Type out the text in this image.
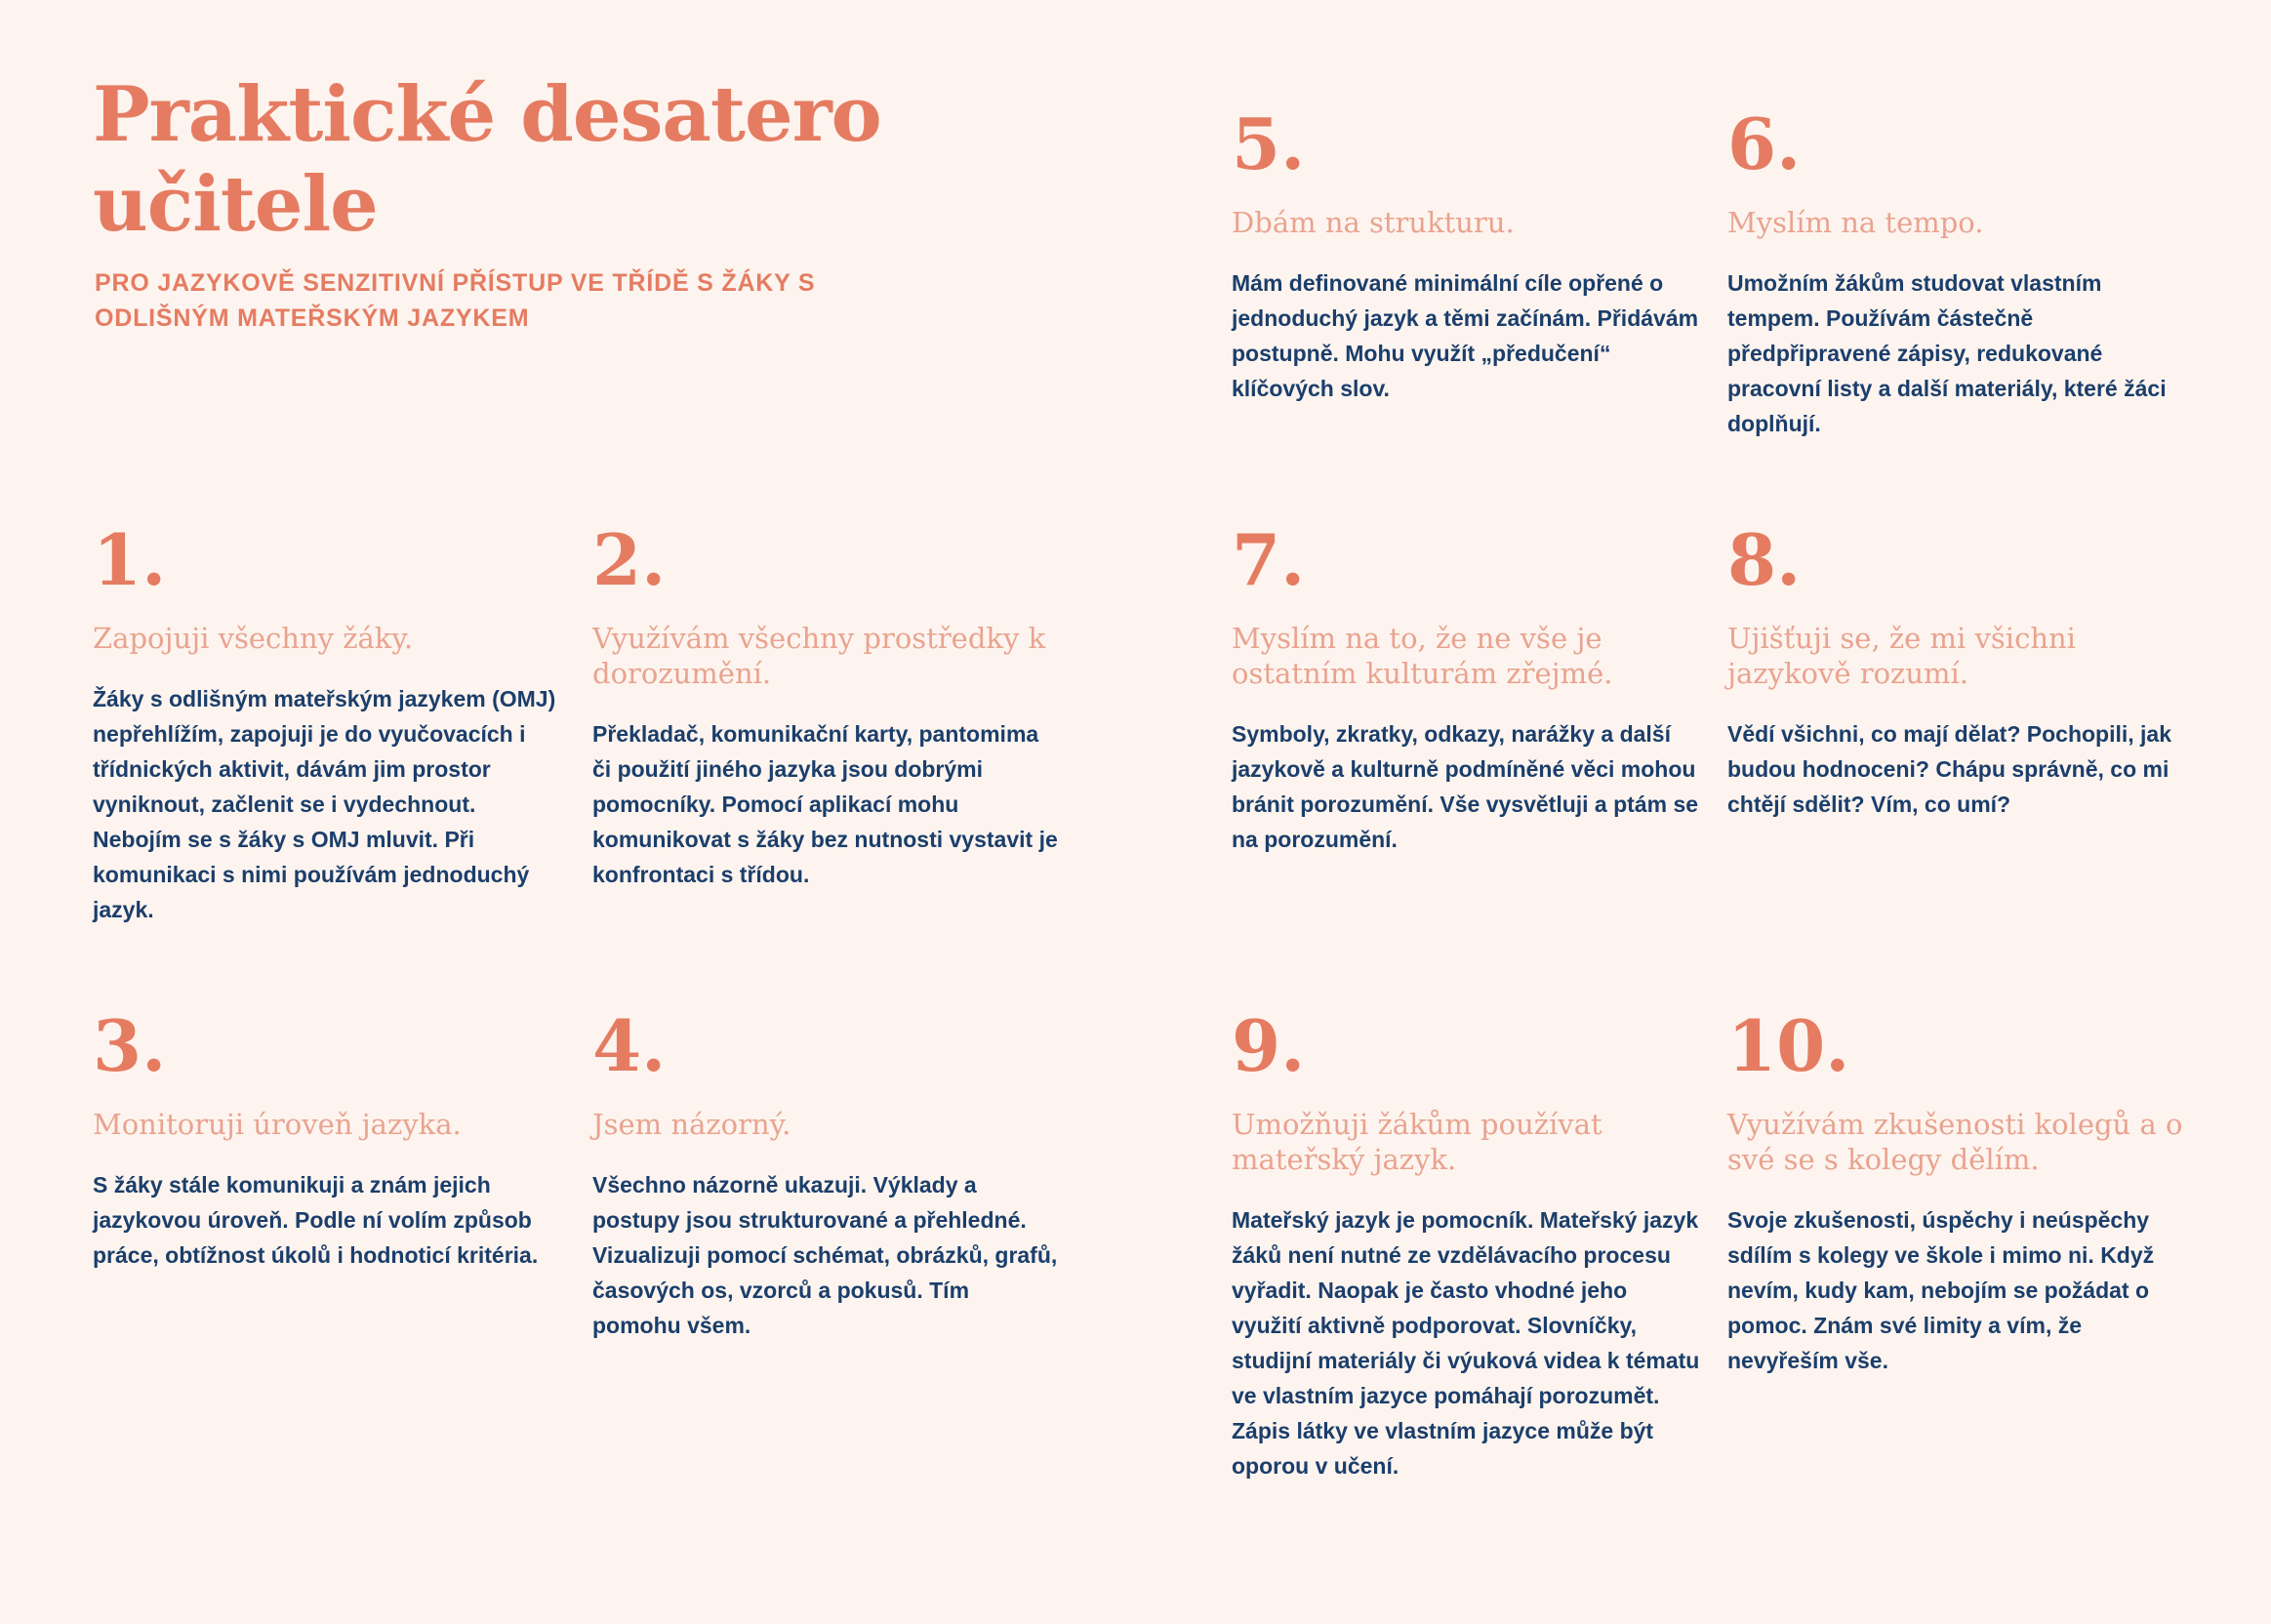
Praktické desatero učitele

PRO JAZYKOVĚ SENZITIVNÍ PŘÍSTUP VE TŘÍDĚ S ŽÁKY S ODLIŠNÝM MATEŘSKÝM JAZYKEM

5.
Dbám na strukturu.
Mám definované minimální cíle opřené o jednoduchý jazyk a těmi začínám. Přidávám postupně. Mohu využít „předučení“ klíčových slov.
6.
Myslím na tempo.
Umožním žákům studovat vlastním tempem. Používám částečně předpřipravené zápisy, redukované pracovní listy a další materiály, které žáci doplňují.
1.
Zapojuji všechny žáky.
Žáky s odlišným mateřským jazykem (OMJ) nepřehlížím, zapojuji je do vyučovacích i třídnických aktivit, dávám jim prostor vyniknout, začlenit se i vydechnout. Nebojím se s žáky s OMJ mluvit. Při komunikaci s nimi používám jednoduchý jazyk.
2.
Využívám všechny prostředky k dorozumění.
Překladač, komunikační karty, pantomima či použití jiného jazyka jsou dobrými pomocníky. Pomocí aplikací mohu komunikovat s žáky bez nutnosti vystavit je konfrontaci s třídou.
7.
Myslím na to, že ne vše je ostatním kulturám zřejmé.
Symboly, zkratky, odkazy, narážky a další jazykově a kulturně podmíněné věci mohou bránit porozumění. Vše vysvětluji a ptám se na porozumění.
8.
Ujišťuji se, že mi všichni jazykově rozumí.
Vědí všichni, co mají dělat? Pochopili, jak budou hodnoceni? Chápu správně, co mi chtějí sdělit? Vím, co umí?
3.
Monitoruji úroveň jazyka.
S žáky stále komunikuji a znám jejich jazykovou úroveň. Podle ní volím způsob práce, obtížnost úkolů i hodnoticí kritéria.
4.
Jsem názorný.
Všechno názorně ukazuji. Výklady a postupy jsou strukturované a přehledné. Vizualizuji pomocí schémat, obrázků, grafů, časových os, vzorců a pokusů. Tím pomohu všem.
9.
Umožňuji žákům používat mateřský jazyk.
Mateřský jazyk je pomocník. Mateřský jazyk žáků není nutné ze vzdělávacího procesu vyřadit. Naopak je často vhodné jeho využití aktivně podporovat. Slovníčky, studijní materiály či výuková videa k tématu ve vlastním jazyce pomáhají porozumět. Zápis látky ve vlastním jazyce může být oporou v učení.
10.
Využívám zkušenosti kolegů a o své se s kolegy dělím.
Svoje zkušenosti, úspěchy i neúspěchy sdílím s kolegy ve škole i mimo ni. Když nevím, kudy kam, nebojím se požádat o pomoc. Znám své limity a vím, že nevyřeším vše.
